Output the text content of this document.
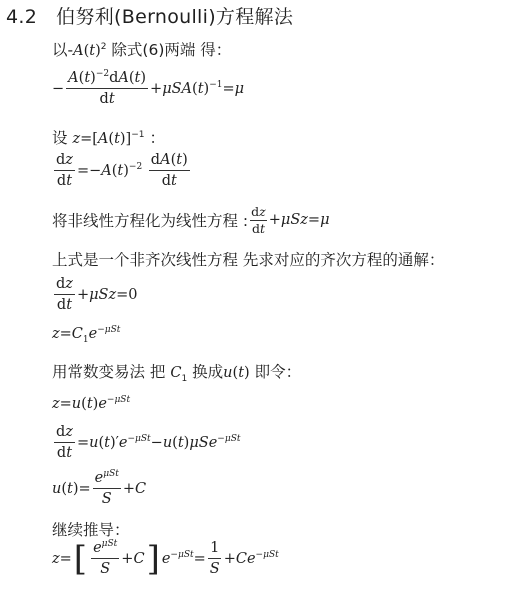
4.2 伯努利(Bernoulli)方程解法
以$-A(t)^2$ 除式(6)两端 得：
− $\frac{A(t)^{-2}dA(t)}{dt} +\mu SA(t)^{-1}=\mu$
设 $z=[A(t)]^{-1}$ ：
$\frac{dz}{dt} =-A(t)^{-2} \frac{dA(t)}{dt}$
将非线性方程化为线性方程 : $\frac{dz}{dt} +\mu Sz = \mu$
上式是一个非齐次线性方程 先求对应的齐次方程的通解：
$\frac{dz}{dt} +\mu Sz=0$
$z=C_1e^{-\mu St}$
用常数变易法 把 $C_1$ 换成u(t) 即令：
$z=u(t)e^{-\mu St}$
$\frac{dz}{dt} =u(t)'e^{-\mu St}-u(t)\mu Se^{-\mu St}$
$u(t)= \frac{e^{\mu St}}{S} +C$
继续推导：
z= [ $\frac{e^{\mu St}}{S} +C$ ] $e^{-\mu St}= \frac{1}{S} +Ce^{-\mu St}$
